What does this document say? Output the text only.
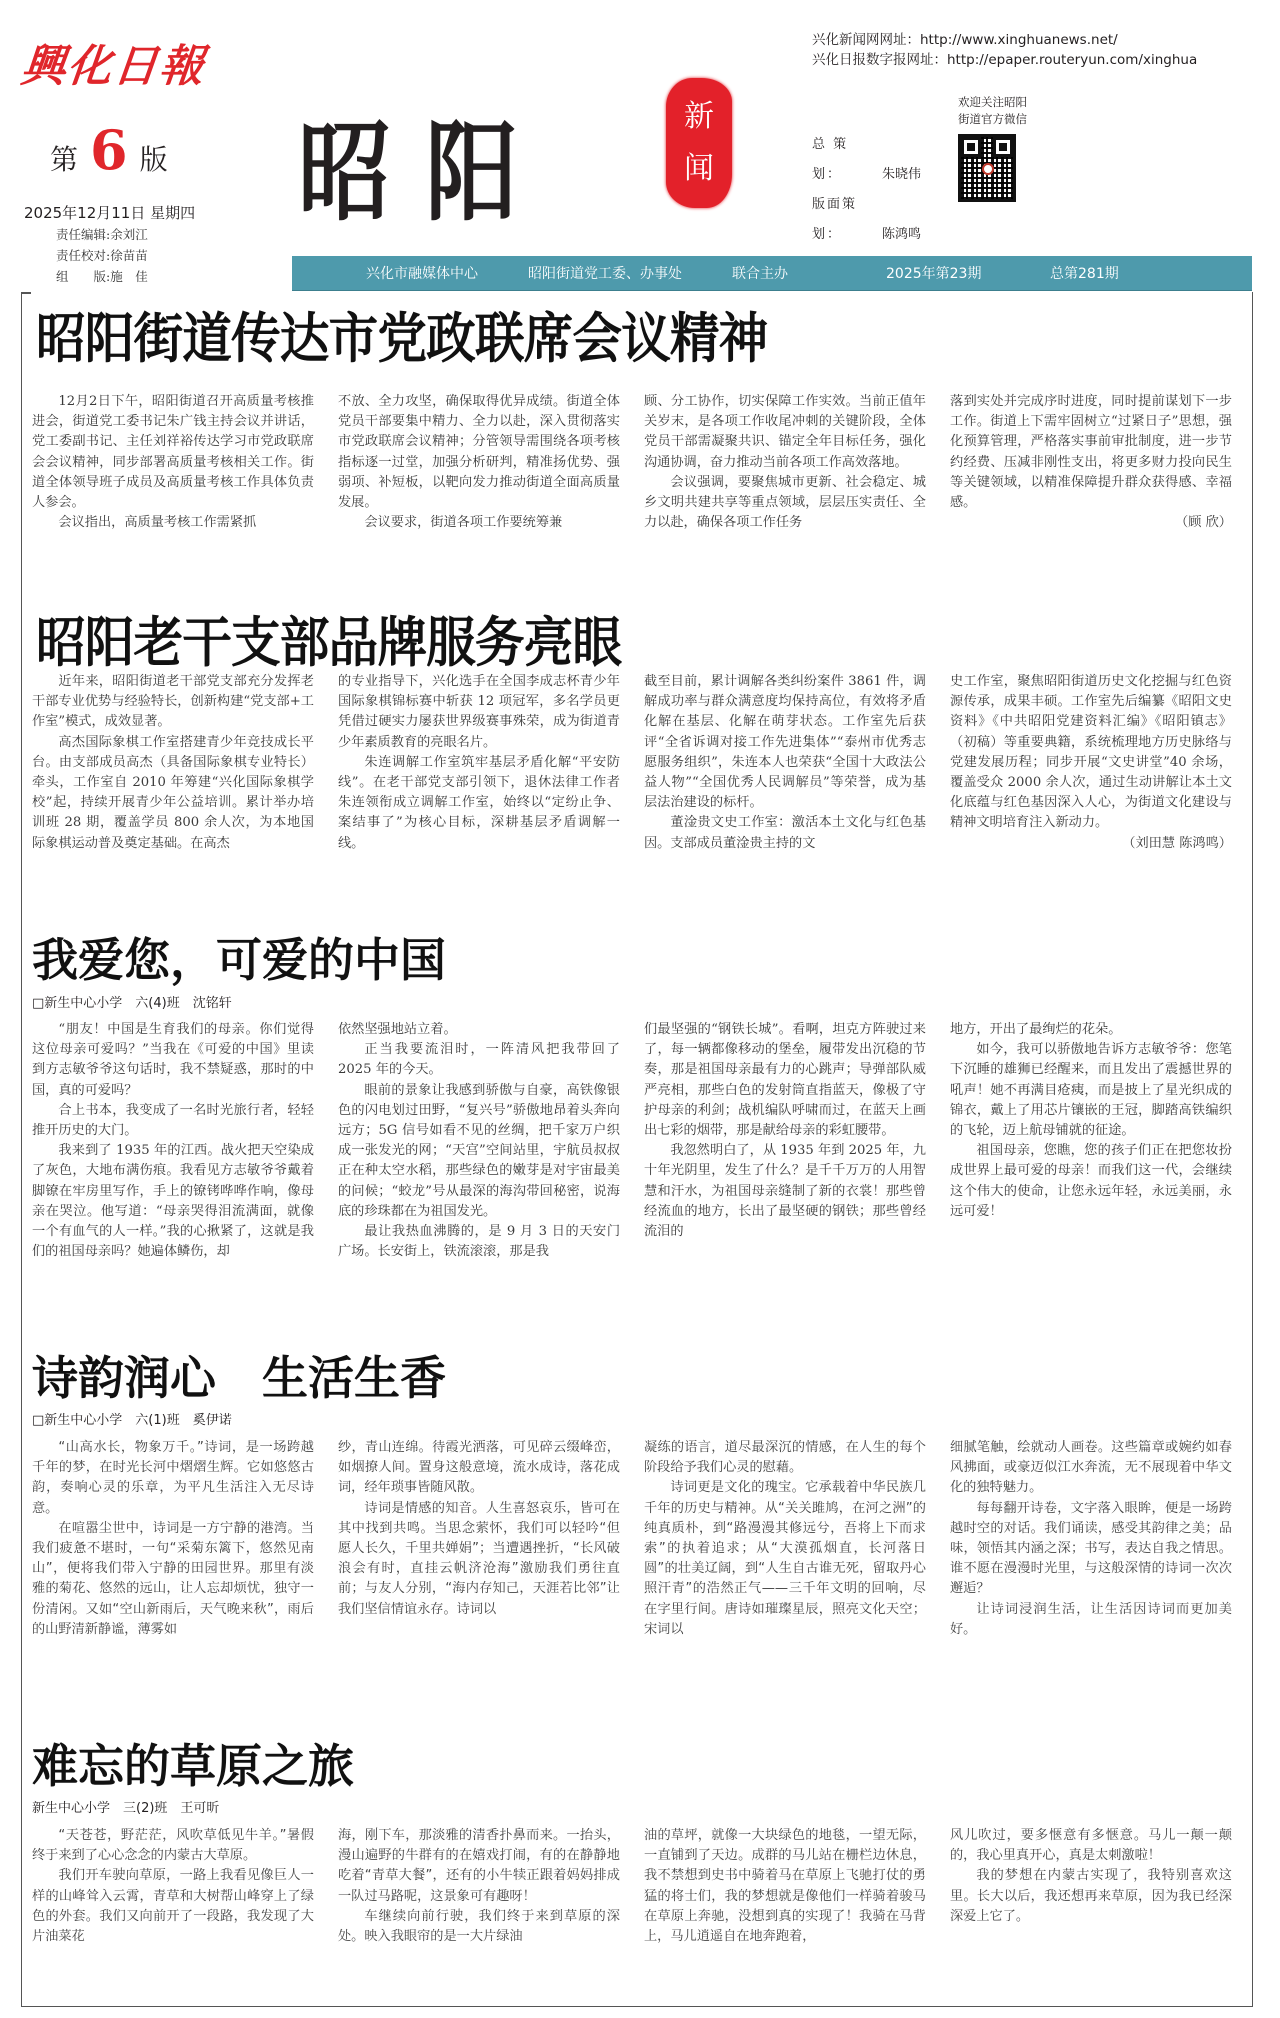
興化日報
第 6 版
2025年12月11日 星期四
责任编辑:余刘江
责任校对:徐苗苗
组　　版:施　佳
昭阳	新
闻
兴化新闻网网址：http://www.xinghuanews.net/
兴化日报数字报网址：http://epaper.routeryun.com/xinghua
总 策 划：	朱晓伟
版面策划：	陈鸿鸣
欢迎关注昭阳
街道官方微信
兴化市融媒体中心	昭阳街道党工委、办事处	联合主办	2025年第23期	总第281期
昭阳街道传达市党政联席会议精神

12月2日下午，昭阳街道召开高质量考核推进会，街道党工委书记朱广钱主持会议并讲话，党工委副书记、主任刘祥裕传达学习市党政联席会会议精神，同步部署高质量考核相关工作。街道全体领导班子成员及高质量考核工作具体负责人参会。

会议指出，高质量考核工作需紧抓

不放、全力攻坚，确保取得优异成绩。街道全体党员干部要集中精力、全力以赴，深入贯彻落实市党政联席会议精神；分管领导需围绕各项考核指标逐一过堂，加强分析研判，精准扬优势、强弱项、补短板，以靶向发力推动街道全面高质量发展。

会议要求，街道各项工作要统筹兼

顾、分工协作，切实保障工作实效。当前正值年关岁末，是各项工作收尾冲刺的关键阶段，全体党员干部需凝聚共识、锚定全年目标任务，强化沟通协调，奋力推动当前各项工作高效落地。

会议强调，要聚焦城市更新、社会稳定、城乡文明共建共享等重点领域，层层压实责任、全力以赴，确保各项工作任务

落到实处并完成序时进度，同时提前谋划下一步工作。街道上下需牢固树立“过紧日子”思想，强化预算管理，严格落实事前审批制度，进一步节约经费、压减非刚性支出，将更多财力投向民生等关键领域，以精准保障提升群众获得感、幸福感。

（顾 欣）
昭阳老干支部品牌服务亮眼

近年来，昭阳街道老干部党支部充分发挥老干部专业优势与经验特长，创新构建“党支部+工作室”模式，成效显著。

高杰国际象棋工作室搭建青少年竞技成长平台。由支部成员高杰（具备国际象棋专业特长）牵头，工作室自 2010 年筹建“兴化国际象棋学校”起，持续开展青少年公益培训。累计举办培训班 28 期，覆盖学员 800 余人次，为本地国际象棋运动普及奠定基础。在高杰

的专业指导下，兴化选手在全国李成志杯青少年国际象棋锦标赛中斩获 12 项冠军，多名学员更凭借过硬实力屡获世界级赛事殊荣，成为街道青少年素质教育的亮眼名片。

朱连调解工作室筑牢基层矛盾化解“平安防线”。在老干部党支部引领下，退休法律工作者朱连领衔成立调解工作室，始终以“定纷止争、案结事了”为核心目标，深耕基层矛盾调解一线。

截至目前，累计调解各类纠纷案件 3861 件，调解成功率与群众满意度均保持高位，有效将矛盾化解在基层、化解在萌芽状态。工作室先后获评“全省诉调对接工作先进集体”“泰州市优秀志愿服务组织”，朱连本人也荣获“全国十大政法公益人物”“全国优秀人民调解员”等荣誉，成为基层法治建设的标杆。

董淦贵文史工作室：激活本土文化与红色基因。支部成员董淦贵主持的文

史工作室，聚焦昭阳街道历史文化挖掘与红色资源传承，成果丰硕。工作室先后编纂《昭阳文史资料》《中共昭阳党建资料汇编》《昭阳镇志》（初稿）等重要典籍，系统梳理地方历史脉络与党建发展历程；同步开展“文史讲堂”40 余场，覆盖受众 2000 余人次，通过生动讲解让本土文化底蕴与红色基因深入人心，为街道文化建设与精神文明培育注入新动力。

（刘田慧 陈鸿鸣）
我爱您，可爱的中国
□新生中心小学　六(4)班　沈铭轩

“朋友！中国是生育我们的母亲。你们觉得这位母亲可爱吗？”当我在《可爱的中国》里读到方志敏爷爷这句话时，我不禁疑惑，那时的中国，真的可爱吗？

合上书本，我变成了一名时光旅行者，轻轻推开历史的大门。

我来到了 1935 年的江西。战火把天空染成了灰色，大地布满伤痕。我看见方志敏爷爷戴着脚镣在牢房里写作，手上的镣铐哗哗作响，像母亲在哭泣。他写道：“母亲哭得泪流满面，就像一个有血气的人一样。”我的心揪紧了，这就是我们的祖国母亲吗？她遍体鳞伤，却

依然坚强地站立着。

正当我要流泪时，一阵清风把我带回了 2025 年的今天。

眼前的景象让我感到骄傲与自豪，高铁像银色的闪电划过田野，“复兴号”骄傲地昂着头奔向远方；5G 信号如看不见的丝绸，把千家万户织成一张发光的网；“天宫”空间站里，宇航员叔叔正在种太空水稻，那些绿色的嫩芽是对宇宙最美的问候；“蛟龙”号从最深的海沟带回秘密，说海底的珍珠都在为祖国发光。

最让我热血沸腾的，是 9 月 3 日的天安门广场。长安街上，铁流滚滚，那是我

们最坚强的“钢铁长城”。看啊，坦克方阵驶过来了，每一辆都像移动的堡垒，履带发出沉稳的节奏，那是祖国母亲最有力的心跳声；导弹部队威严亮相，那些白色的发射筒直指蓝天，像极了守护母亲的利剑；战机编队呼啸而过，在蓝天上画出七彩的烟带，那是献给母亲的彩虹腰带。

我忽然明白了，从 1935 年到 2025 年，九十年光阴里，发生了什么？是千千万万的人用智慧和汗水，为祖国母亲缝制了新的衣裳！那些曾经流血的地方，长出了最坚硬的钢铁；那些曾经流泪的

地方，开出了最绚烂的花朵。

如今，我可以骄傲地告诉方志敏爷爷：您笔下沉睡的雄狮已经醒来，而且发出了震撼世界的吼声！她不再满目疮痍，而是披上了星光织成的锦衣，戴上了用芯片镶嵌的王冠，脚踏高铁编织的飞轮，迈上航母铺就的征途。

祖国母亲，您瞧，您的孩子们正在把您妆扮成世界上最可爱的母亲！而我们这一代，会继续这个伟大的使命，让您永远年轻，永远美丽，永远可爱！

诗韵润心　生活生香
□新生中心小学　六(1)班　奚伊诺

“山高水长，物象万千。”诗词，是一场跨越千年的梦，在时光长河中熠熠生辉。它如悠悠古韵，奏响心灵的乐章，为平凡生活注入无尽诗意。

在喧嚣尘世中，诗词是一方宁静的港湾。当我们疲惫不堪时，一句“采菊东篱下，悠然见南山”，便将我们带入宁静的田园世界。那里有淡雅的菊花、悠然的远山，让人忘却烦忧，独守一份清闲。又如“空山新雨后，天气晚来秋”，雨后的山野清新静谧，薄雾如

纱，青山连绵。待霞光洒落，可见碎云缀峰峦，如烟撩人间。置身这般意境，流水成诗，落花成词，经年琐事皆随风散。

诗词是情感的知音。人生喜怒哀乐，皆可在其中找到共鸣。当思念萦怀，我们可以轻吟“但愿人长久，千里共婵娟”；当遭遇挫折，“长风破浪会有时，直挂云帆济沧海”激励我们勇往直前；与友人分别，“海内存知己，天涯若比邻”让我们坚信情谊永存。诗词以

凝练的语言，道尽最深沉的情感，在人生的每个阶段给予我们心灵的慰藉。

诗词更是文化的瑰宝。它承载着中华民族几千年的历史与精神。从“关关雎鸠，在河之洲”的纯真质朴，到“路漫漫其修远兮，吾将上下而求索”的执着追求；从“大漠孤烟直，长河落日圆”的壮美辽阔，到“人生自古谁无死，留取丹心照汗青”的浩然正气——三千年文明的回响，尽在字里行间。唐诗如璀璨星辰，照亮文化天空；宋词以

细腻笔触，绘就动人画卷。这些篇章或婉约如春风拂面，或豪迈似江水奔流，无不展现着中华文化的独特魅力。

每每翻开诗卷，文字落入眼眸，便是一场跨越时空的对话。我们诵读，感受其韵律之美；品味，领悟其内涵之深；书写，表达自我之情思。谁不愿在漫漫时光里，与这般深情的诗词一次次邂逅？

让诗词浸润生活，让生活因诗词而更加美好。

难忘的草原之旅
新生中心小学　三(2)班　王可昕

“天苍苍，野茫茫，风吹草低见牛羊。”暑假终于来到了心心念念的内蒙古大草原。

我们开车驶向草原，一路上我看见像巨人一样的山峰耸入云霄，青草和大树帮山峰穿上了绿色的外套。我们又向前开了一段路，我发现了大片油菜花

海，刚下车，那淡雅的清香扑鼻而来。一抬头，漫山遍野的牛群有的在嬉戏打闹，有的在静静地吃着“青草大餐”，还有的小牛犊正跟着妈妈排成一队过马路呢，这景象可有趣呀！

车继续向前行驶，我们终于来到草原的深处。映入我眼帘的是一大片绿油

油的草坪，就像一大块绿色的地毯，一望无际，一直铺到了天边。成群的马儿站在栅栏边休息，我不禁想到史书中骑着马在草原上飞驰打仗的勇猛的将士们，我的梦想就是像他们一样骑着骏马在草原上奔驰，没想到真的实现了！我骑在马背上，马儿逍遥自在地奔跑着，

风儿吹过，要多惬意有多惬意。马儿一颠一颠的，我心里真开心，真是太刺激啦！

我的梦想在内蒙古实现了，我特别喜欢这里。长大以后，我还想再来草原，因为我已经深深爱上它了。
